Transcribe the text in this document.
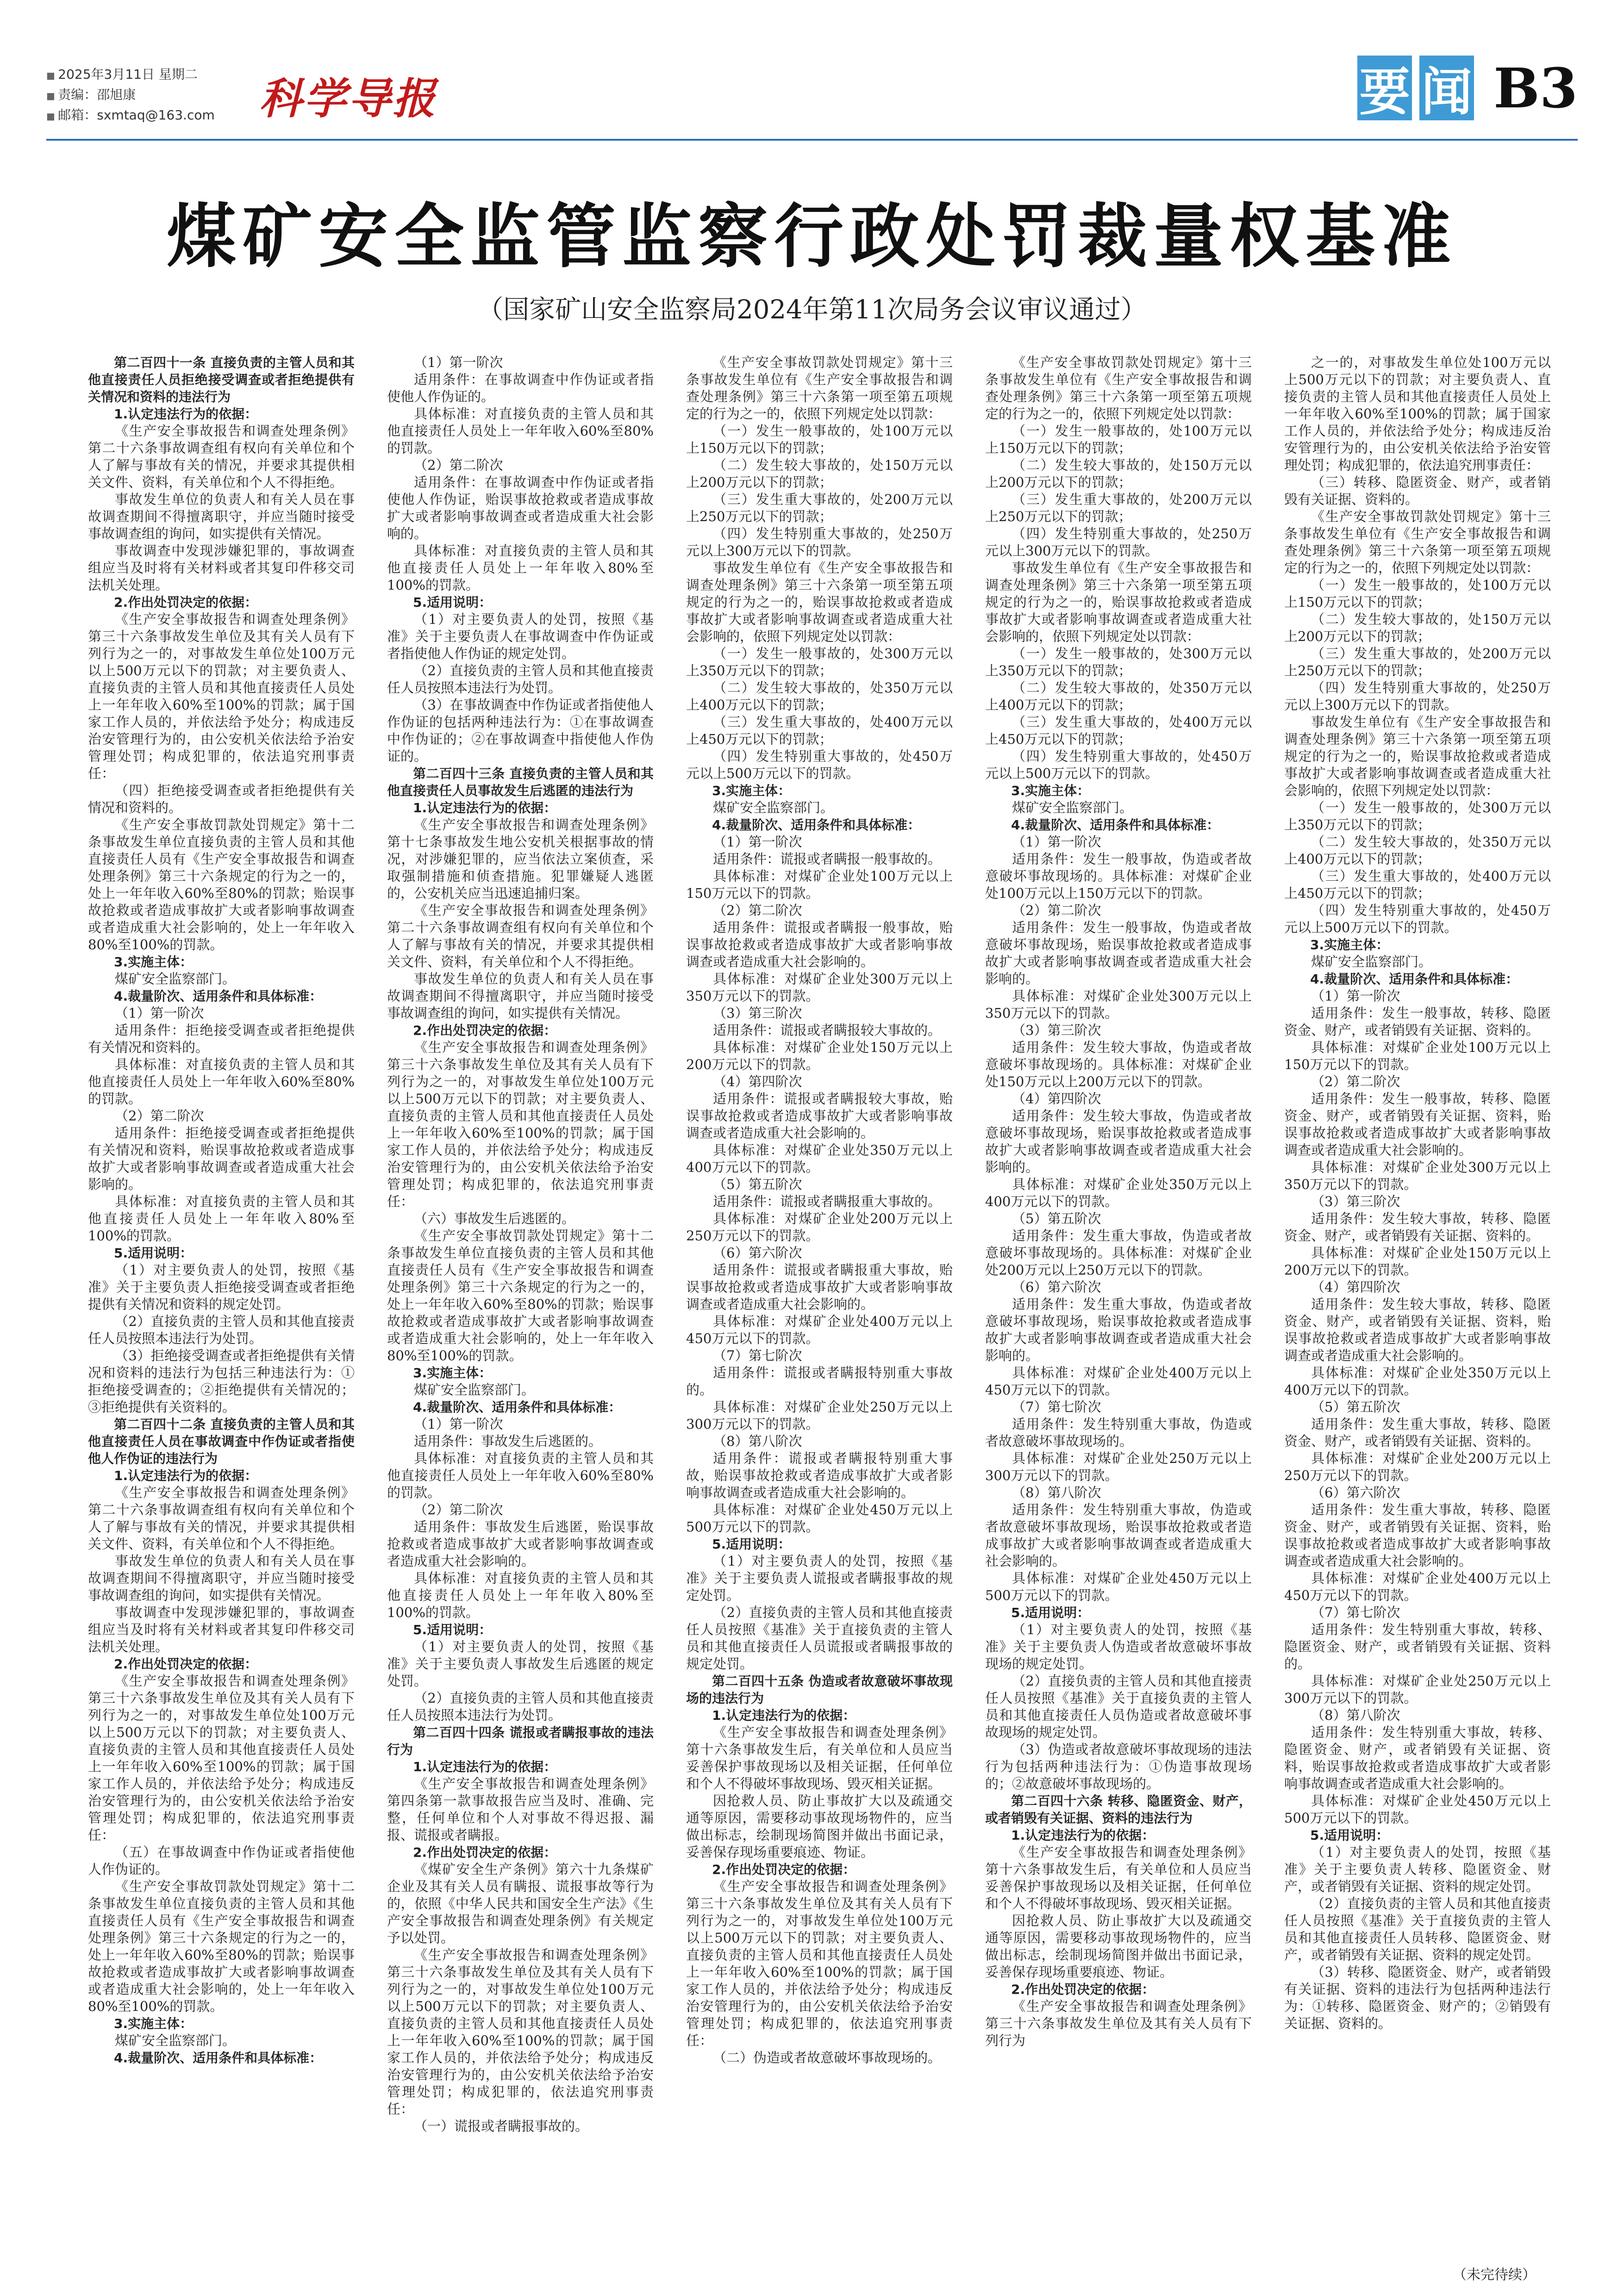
■ 2025年3月11日 星期二
■ 责编：邵旭康
■ 邮箱：sxmtaq@163.com 科学导报	要 闻 B3
煤矿安全监管监察行政处罚裁量权基准
（国家矿山安全监察局2024年第11次局务会议审议通过）

第二百四十一条 直接负责的主管人员和其他直接责任人员拒绝接受调查或者拒绝提供有关情况和资料的违法行为

1.认定违法行为的依据：

《生产安全事故报告和调查处理条例》第二十六条事故调查组有权向有关单位和个人了解与事故有关的情况，并要求其提供相关文件、资料，有关单位和个人不得拒绝。

事故发生单位的负责人和有关人员在事故调查期间不得擅离职守，并应当随时接受事故调查组的询问，如实提供有关情况。

事故调查中发现涉嫌犯罪的，事故调查组应当及时将有关材料或者其复印件移交司法机关处理。

2.作出处罚决定的依据：

《生产安全事故报告和调查处理条例》第三十六条事故发生单位及其有关人员有下列行为之一的，对事故发生单位处100万元以上500万元以下的罚款；对主要负责人、直接负责的主管人员和其他直接责任人员处上一年年收入60%至100%的罚款；属于国家工作人员的，并依法给予处分；构成违反治安管理行为的，由公安机关依法给予治安管理处罚；构成犯罪的，依法追究刑事责任：

（四）拒绝接受调查或者拒绝提供有关情况和资料的。

《生产安全事故罚款处罚规定》第十二条事故发生单位直接负责的主管人员和其他直接责任人员有《生产安全事故报告和调查处理条例》第三十六条规定的行为之一的，处上一年年收入60%至80%的罚款；贻误事故抢救或者造成事故扩大或者影响事故调查或者造成重大社会影响的，处上一年年收入80%至100%的罚款。

3.实施主体：

煤矿安全监察部门。

4.裁量阶次、适用条件和具体标准：

（1）第一阶次

适用条件：拒绝接受调查或者拒绝提供有关情况和资料的。

具体标准：对直接负责的主管人员和其他直接责任人员处上一年年收入60%至80%的罚款。

（2）第二阶次

适用条件：拒绝接受调查或者拒绝提供有关情况和资料，贻误事故抢救或者造成事故扩大或者影响事故调查或者造成重大社会影响的。

具体标准：对直接负责的主管人员和其他直接责任人员处上一年年收入80%至100%的罚款。

5.适用说明：

（1）对主要负责人的处罚，按照《基准》关于主要负责人拒绝接受调查或者拒绝提供有关情况和资料的规定处罚。

（2）直接负责的主管人员和其他直接责任人员按照本违法行为处罚。

（3）拒绝接受调查或者拒绝提供有关情况和资料的违法行为包括三种违法行为：①拒绝接受调查的；②拒绝提供有关情况的；③拒绝提供有关资料的。

第二百四十二条 直接负责的主管人员和其他直接责任人员在事故调查中作伪证或者指使他人作伪证的违法行为

1.认定违法行为的依据：

《生产安全事故报告和调查处理条例》第二十六条事故调查组有权向有关单位和个人了解与事故有关的情况，并要求其提供相关文件、资料，有关单位和个人不得拒绝。

事故发生单位的负责人和有关人员在事故调查期间不得擅离职守，并应当随时接受事故调查组的询问，如实提供有关情况。

事故调查中发现涉嫌犯罪的，事故调查组应当及时将有关材料或者其复印件移交司法机关处理。

2.作出处罚决定的依据：

《生产安全事故报告和调查处理条例》第三十六条事故发生单位及其有关人员有下列行为之一的，对事故发生单位处100万元以上500万元以下的罚款；对主要负责人、直接负责的主管人员和其他直接责任人员处上一年年收入60%至100%的罚款；属于国家工作人员的，并依法给予处分；构成违反治安管理行为的，由公安机关依法给予治安管理处罚；构成犯罪的，依法追究刑事责任：

（五）在事故调查中作伪证或者指使他人作伪证的。

《生产安全事故罚款处罚规定》第十二条事故发生单位直接负责的主管人员和其他直接责任人员有《生产安全事故报告和调查处理条例》第三十六条规定的行为之一的，处上一年年收入60%至80%的罚款；贻误事故抢救或者造成事故扩大或者影响事故调查或者造成重大社会影响的，处上一年年收入80%至100%的罚款。

3.实施主体：

煤矿安全监察部门。

4.裁量阶次、适用条件和具体标准：

（1）第一阶次

适用条件：在事故调查中作伪证或者指使他人作伪证的。

具体标准：对直接负责的主管人员和其他直接责任人员处上一年年收入60%至80%的罚款。

（2）第二阶次

适用条件：在事故调查中作伪证或者指使他人作伪证，贻误事故抢救或者造成事故扩大或者影响事故调查或者造成重大社会影响的。

具体标准：对直接负责的主管人员和其他直接责任人员处上一年年收入80%至100%的罚款。

5.适用说明：

（1）对主要负责人的处罚，按照《基准》关于主要负责人在事故调查中作伪证或者指使他人作伪证的规定处罚。

（2）直接负责的主管人员和其他直接责任人员按照本违法行为处罚。

（3）在事故调查中作伪证或者指使他人作伪证的包括两种违法行为：①在事故调查中作伪证的；②在事故调查中指使他人作伪证的。

第二百四十三条 直接负责的主管人员和其他直接责任人员事故发生后逃匿的违法行为

1.认定违法行为的依据：

《生产安全事故报告和调查处理条例》第十七条事故发生地公安机关根据事故的情况，对涉嫌犯罪的，应当依法立案侦查，采取强制措施和侦查措施。犯罪嫌疑人逃匿的，公安机关应当迅速追捕归案。

《生产安全事故报告和调查处理条例》第二十六条事故调查组有权向有关单位和个人了解与事故有关的情况，并要求其提供相关文件、资料，有关单位和个人不得拒绝。

事故发生单位的负责人和有关人员在事故调查期间不得擅离职守，并应当随时接受事故调查组的询问，如实提供有关情况。

2.作出处罚决定的依据：

《生产安全事故报告和调查处理条例》第三十六条事故发生单位及其有关人员有下列行为之一的，对事故发生单位处100万元以上500万元以下的罚款；对主要负责人、直接负责的主管人员和其他直接责任人员处上一年年收入60%至100%的罚款；属于国家工作人员的，并依法给予处分；构成违反治安管理行为的，由公安机关依法给予治安管理处罚；构成犯罪的，依法追究刑事责任：

（六）事故发生后逃匿的。

《生产安全事故罚款处罚规定》第十二条事故发生单位直接负责的主管人员和其他直接责任人员有《生产安全事故报告和调查处理条例》第三十六条规定的行为之一的，处上一年年收入60%至80%的罚款；贻误事故抢救或者造成事故扩大或者影响事故调查或者造成重大社会影响的，处上一年年收入80%至100%的罚款。

3.实施主体：

煤矿安全监察部门。

4.裁量阶次、适用条件和具体标准：

（1）第一阶次

适用条件：事故发生后逃匿的。

具体标准：对直接负责的主管人员和其他直接责任人员处上一年年收入60%至80%的罚款。

（2）第二阶次

适用条件：事故发生后逃匿，贻误事故抢救或者造成事故扩大或者影响事故调查或者造成重大社会影响的。

具体标准：对直接负责的主管人员和其他直接责任人员处上一年年收入80%至100%的罚款。

5.适用说明：

（1）对主要负责人的处罚，按照《基准》关于主要负责人事故发生后逃匿的规定处罚。

（2）直接负责的主管人员和其他直接责任人员按照本违法行为处罚。

第二百四十四条 谎报或者瞒报事故的违法行为

1.认定违法行为的依据：

《生产安全事故报告和调查处理条例》第四条第一款事故报告应当及时、准确、完整，任何单位和个人对事故不得迟报、漏报、谎报或者瞒报。

2.作出处罚决定的依据：

《煤矿安全生产条例》第六十九条煤矿企业及其有关人员有瞒报、谎报事故等行为的，依照《中华人民共和国安全生产法》《生产安全事故报告和调查处理条例》有关规定予以处罚。

《生产安全事故报告和调查处理条例》第三十六条事故发生单位及其有关人员有下列行为之一的，对事故发生单位处100万元以上500万元以下的罚款；对主要负责人、直接负责的主管人员和其他直接责任人员处上一年年收入60%至100%的罚款；属于国家工作人员的，并依法给予处分；构成违反治安管理行为的，由公安机关依法给予治安管理处罚；构成犯罪的，依法追究刑事责任：

（一）谎报或者瞒报事故的。

《生产安全事故罚款处罚规定》第十三条事故发生单位有《生产安全事故报告和调查处理条例》第三十六条第一项至第五项规定的行为之一的，依照下列规定处以罚款：

（一）发生一般事故的，处100万元以上150万元以下的罚款；

（二）发生较大事故的，处150万元以上200万元以下的罚款；

（三）发生重大事故的，处200万元以上250万元以下的罚款；

（四）发生特别重大事故的，处250万元以上300万元以下的罚款。

事故发生单位有《生产安全事故报告和调查处理条例》第三十六条第一项至第五项规定的行为之一的，贻误事故抢救或者造成事故扩大或者影响事故调查或者造成重大社会影响的，依照下列规定处以罚款：

（一）发生一般事故的，处300万元以上350万元以下的罚款；

（二）发生较大事故的，处350万元以上400万元以下的罚款；

（三）发生重大事故的，处400万元以上450万元以下的罚款；

（四）发生特别重大事故的，处450万元以上500万元以下的罚款。

3.实施主体：

煤矿安全监察部门。

4.裁量阶次、适用条件和具体标准：

（1）第一阶次

适用条件：谎报或者瞒报一般事故的。

具体标准：对煤矿企业处100万元以上150万元以下的罚款。

（2）第二阶次

适用条件：谎报或者瞒报一般事故，贻误事故抢救或者造成事故扩大或者影响事故调查或者造成重大社会影响的。

具体标准：对煤矿企业处300万元以上350万元以下的罚款。

（3）第三阶次

适用条件：谎报或者瞒报较大事故的。

具体标准：对煤矿企业处150万元以上200万元以下的罚款。

（4）第四阶次

适用条件：谎报或者瞒报较大事故，贻误事故抢救或者造成事故扩大或者影响事故调查或者造成重大社会影响的。

具体标准：对煤矿企业处350万元以上400万元以下的罚款。

（5）第五阶次

适用条件：谎报或者瞒报重大事故的。

具体标准：对煤矿企业处200万元以上250万元以下的罚款。

（6）第六阶次

适用条件：谎报或者瞒报重大事故，贻误事故抢救或者造成事故扩大或者影响事故调查或者造成重大社会影响的。

具体标准：对煤矿企业处400万元以上450万元以下的罚款。

（7）第七阶次

适用条件：谎报或者瞒报特别重大事故的。

具体标准：对煤矿企业处250万元以上300万元以下的罚款。

（8）第八阶次

适用条件：谎报或者瞒报特别重大事故，贻误事故抢救或者造成事故扩大或者影响事故调查或者造成重大社会影响的。

具体标准：对煤矿企业处450万元以上500万元以下的罚款。

5.适用说明：

（1）对主要负责人的处罚，按照《基准》关于主要负责人谎报或者瞒报事故的规定处罚。

（2）直接负责的主管人员和其他直接责任人员按照《基准》关于直接负责的主管人员和其他直接责任人员谎报或者瞒报事故的规定处罚。

第二百四十五条 伪造或者故意破坏事故现场的违法行为

1.认定违法行为的依据：

《生产安全事故报告和调查处理条例》第十六条事故发生后，有关单位和人员应当妥善保护事故现场以及相关证据，任何单位和个人不得破坏事故现场、毁灭相关证据。

因抢救人员、防止事故扩大以及疏通交通等原因，需要移动事故现场物件的，应当做出标志，绘制现场简图并做出书面记录，妥善保存现场重要痕迹、物证。

2.作出处罚决定的依据：

《生产安全事故报告和调查处理条例》第三十六条事故发生单位及其有关人员有下列行为之一的，对事故发生单位处100万元以上500万元以下的罚款；对主要负责人、直接负责的主管人员和其他直接责任人员处上一年年收入60%至100%的罚款；属于国家工作人员的，并依法给予处分；构成违反治安管理行为的，由公安机关依法给予治安管理处罚；构成犯罪的，依法追究刑事责任：

（二）伪造或者故意破坏事故现场的。

《生产安全事故罚款处罚规定》第十三条事故发生单位有《生产安全事故报告和调查处理条例》第三十六条第一项至第五项规定的行为之一的，依照下列规定处以罚款：

（一）发生一般事故的，处100万元以上150万元以下的罚款；

（二）发生较大事故的，处150万元以上200万元以下的罚款；

（三）发生重大事故的，处200万元以上250万元以下的罚款；

（四）发生特别重大事故的，处250万元以上300万元以下的罚款。

事故发生单位有《生产安全事故报告和调查处理条例》第三十六条第一项至第五项规定的行为之一的，贻误事故抢救或者造成事故扩大或者影响事故调查或者造成重大社会影响的，依照下列规定处以罚款：

（一）发生一般事故的，处300万元以上350万元以下的罚款；

（二）发生较大事故的，处350万元以上400万元以下的罚款；

（三）发生重大事故的，处400万元以上450万元以下的罚款；

（四）发生特别重大事故的，处450万元以上500万元以下的罚款。

3.实施主体：

煤矿安全监察部门。

4.裁量阶次、适用条件和具体标准：

（1）第一阶次

适用条件：发生一般事故，伪造或者故意破坏事故现场的。具体标准：对煤矿企业处100万元以上150万元以下的罚款。

（2）第二阶次

适用条件：发生一般事故，伪造或者故意破坏事故现场，贻误事故抢救或者造成事故扩大或者影响事故调查或者造成重大社会影响的。

具体标准：对煤矿企业处300万元以上350万元以下的罚款。

（3）第三阶次

适用条件：发生较大事故，伪造或者故意破坏事故现场的。具体标准：对煤矿企业处150万元以上200万元以下的罚款。

（4）第四阶次

适用条件：发生较大事故，伪造或者故意破坏事故现场，贻误事故抢救或者造成事故扩大或者影响事故调查或者造成重大社会影响的。

具体标准：对煤矿企业处350万元以上400万元以下的罚款。

（5）第五阶次

适用条件：发生重大事故，伪造或者故意破坏事故现场的。具体标准：对煤矿企业处200万元以上250万元以下的罚款。

（6）第六阶次

适用条件：发生重大事故，伪造或者故意破坏事故现场，贻误事故抢救或者造成事故扩大或者影响事故调查或者造成重大社会影响的。

具体标准：对煤矿企业处400万元以上450万元以下的罚款。

（7）第七阶次

适用条件：发生特别重大事故，伪造或者故意破坏事故现场的。

具体标准：对煤矿企业处250万元以上300万元以下的罚款。

（8）第八阶次

适用条件：发生特别重大事故，伪造或者故意破坏事故现场，贻误事故抢救或者造成事故扩大或者影响事故调查或者造成重大社会影响的。

具体标准：对煤矿企业处450万元以上500万元以下的罚款。

5.适用说明：

（1）对主要负责人的处罚，按照《基准》关于主要负责人伪造或者故意破坏事故现场的规定处罚。

（2）直接负责的主管人员和其他直接责任人员按照《基准》关于直接负责的主管人员和其他直接责任人员伪造或者故意破坏事故现场的规定处罚。

（3）伪造或者故意破坏事故现场的违法行为包括两种违法行为：①伪造事故现场的；②故意破坏事故现场的。

第二百四十六条 转移、隐匿资金、财产，或者销毁有关证据、资料的违法行为

1.认定违法行为的依据：

《生产安全事故报告和调查处理条例》第十六条事故发生后，有关单位和人员应当妥善保护事故现场以及相关证据，任何单位和个人不得破坏事故现场、毁灭相关证据。

因抢救人员、防止事故扩大以及疏通交通等原因，需要移动事故现场物件的，应当做出标志，绘制现场简图并做出书面记录，妥善保存现场重要痕迹、物证。

2.作出处罚决定的依据：

《生产安全事故报告和调查处理条例》第三十六条事故发生单位及其有关人员有下列行为

之一的，对事故发生单位处100万元以上500万元以下的罚款；对主要负责人、直接负责的主管人员和其他直接责任人员处上一年年收入60%至100%的罚款；属于国家工作人员的，并依法给予处分；构成违反治安管理行为的，由公安机关依法给予治安管理处罚；构成犯罪的，依法追究刑事责任：

（三）转移、隐匿资金、财产，或者销毁有关证据、资料的。

《生产安全事故罚款处罚规定》第十三条事故发生单位有《生产安全事故报告和调查处理条例》第三十六条第一项至第五项规定的行为之一的，依照下列规定处以罚款：

（一）发生一般事故的，处100万元以上150万元以下的罚款；

（二）发生较大事故的，处150万元以上200万元以下的罚款；

（三）发生重大事故的，处200万元以上250万元以下的罚款；

（四）发生特别重大事故的，处250万元以上300万元以下的罚款。

事故发生单位有《生产安全事故报告和调查处理条例》第三十六条第一项至第五项规定的行为之一的，贻误事故抢救或者造成事故扩大或者影响事故调查或者造成重大社会影响的，依照下列规定处以罚款：

（一）发生一般事故的，处300万元以上350万元以下的罚款；

（二）发生较大事故的，处350万元以上400万元以下的罚款；

（三）发生重大事故的，处400万元以上450万元以下的罚款；

（四）发生特别重大事故的，处450万元以上500万元以下的罚款。

3.实施主体：

煤矿安全监察部门。

4.裁量阶次、适用条件和具体标准：

（1）第一阶次

适用条件：发生一般事故，转移、隐匿资金、财产，或者销毁有关证据、资料的。

具体标准：对煤矿企业处100万元以上150万元以下的罚款。

（2）第二阶次

适用条件：发生一般事故，转移、隐匿资金、财产，或者销毁有关证据、资料，贻误事故抢救或者造成事故扩大或者影响事故调查或者造成重大社会影响的。

具体标准：对煤矿企业处300万元以上350万元以下的罚款。

（3）第三阶次

适用条件：发生较大事故，转移、隐匿资金、财产，或者销毁有关证据、资料的。

具体标准：对煤矿企业处150万元以上200万元以下的罚款。

（4）第四阶次

适用条件：发生较大事故，转移、隐匿资金、财产，或者销毁有关证据、资料，贻误事故抢救或者造成事故扩大或者影响事故调查或者造成重大社会影响的。

具体标准：对煤矿企业处350万元以上400万元以下的罚款。

（5）第五阶次

适用条件：发生重大事故，转移、隐匿资金、财产，或者销毁有关证据、资料的。

具体标准：对煤矿企业处200万元以上250万元以下的罚款。

（6）第六阶次

适用条件：发生重大事故，转移、隐匿资金、财产，或者销毁有关证据、资料，贻误事故抢救或者造成事故扩大或者影响事故调查或者造成重大社会影响的。

具体标准：对煤矿企业处400万元以上450万元以下的罚款。

（7）第七阶次

适用条件：发生特别重大事故，转移、隐匿资金、财产，或者销毁有关证据、资料的。

具体标准：对煤矿企业处250万元以上300万元以下的罚款。

（8）第八阶次

适用条件：发生特别重大事故，转移、隐匿资金、财产，或者销毁有关证据、资料，贻误事故抢救或者造成事故扩大或者影响事故调查或者造成重大社会影响的。

具体标准：对煤矿企业处450万元以上500万元以下的罚款。

5.适用说明：

（1）对主要负责人的处罚，按照《基准》关于主要负责人转移、隐匿资金、财产，或者销毁有关证据、资料的规定处罚。

（2）直接负责的主管人员和其他直接责任人员按照《基准》关于直接负责的主管人员和其他直接责任人员转移、隐匿资金、财产，或者销毁有关证据、资料的规定处罚。

（3）转移、隐匿资金、财产，或者销毁有关证据、资料的违法行为包括两种违法行为：①转移、隐匿资金、财产的；②销毁有关证据、资料的。

（未完待续）
